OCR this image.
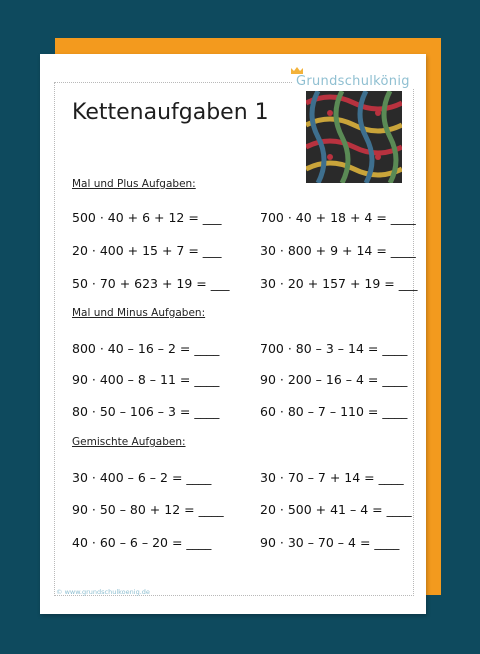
Grundschulkönig
Kettenaufgaben 1
Mal und Plus Aufgaben:
500 · 40 + 6 + 12 = ___	700 · 40 + 18 + 4 = ____
20 · 400 + 15 + 7 = ___	30 · 800 + 9 + 14 = ____
50 · 70 + 623 + 19 = ___ 30 · 20 + 157 + 19 = ___
Mal und Minus Aufgaben:
800 · 40 – 16 – 2 = ____	700 · 80 – 3 – 14 = ____
90 · 400 – 8 – 11 = ____	90 · 200 – 16 – 4 = ____
80 · 50 – 106 – 3 = ____	60 · 80 – 7 – 110 = ____
Gemischte Aufgaben:
30 · 400 – 6 – 2 = ____	30 · 70 – 7 + 14 = ____
90 · 50 – 80 + 12 = ____	20 · 500 + 41 – 4 = ____
40 · 60 – 6 – 20 = ____	90 · 30 – 70 – 4 = ____
© www.grundschulkoenig.de
